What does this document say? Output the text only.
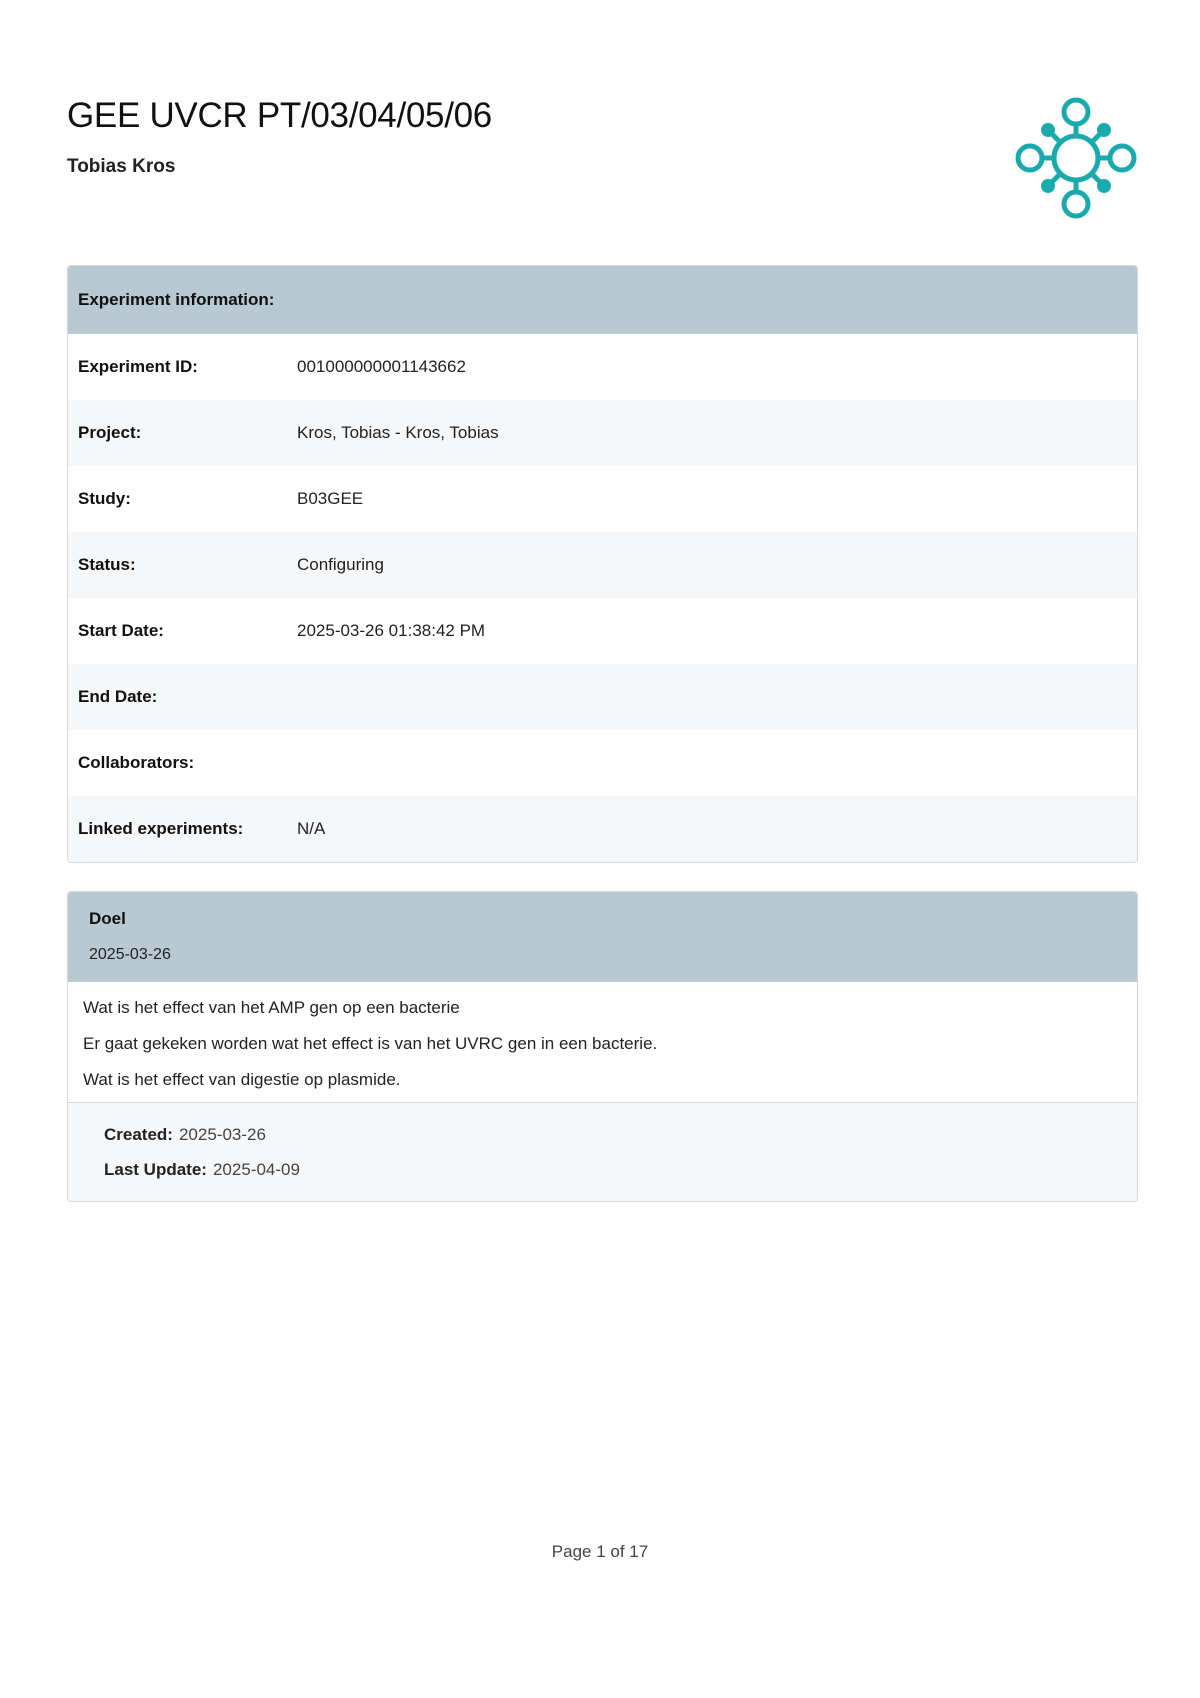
GEE UVCR PT/03/04/05/06
Tobias Kros
Experiment information:
Experiment ID:	001000000001143662
Project:	Kros, Tobias - Kros, Tobias
Study:	B03GEE
Status:	Configuring
Start Date:	2025-03-26 01:38:42 PM
End Date:
Collaborators:
Linked experiments:	N/A
Doel
2025-03-26
Wat is het effect van het AMP gen op een bacterie
Er gaat gekeken worden wat het effect is van het UVRC gen in een bacterie.
Wat is het effect van digestie op plasmide.
Created: 2025-03-26
Last Update: 2025-04-09
Page 1 of 17
